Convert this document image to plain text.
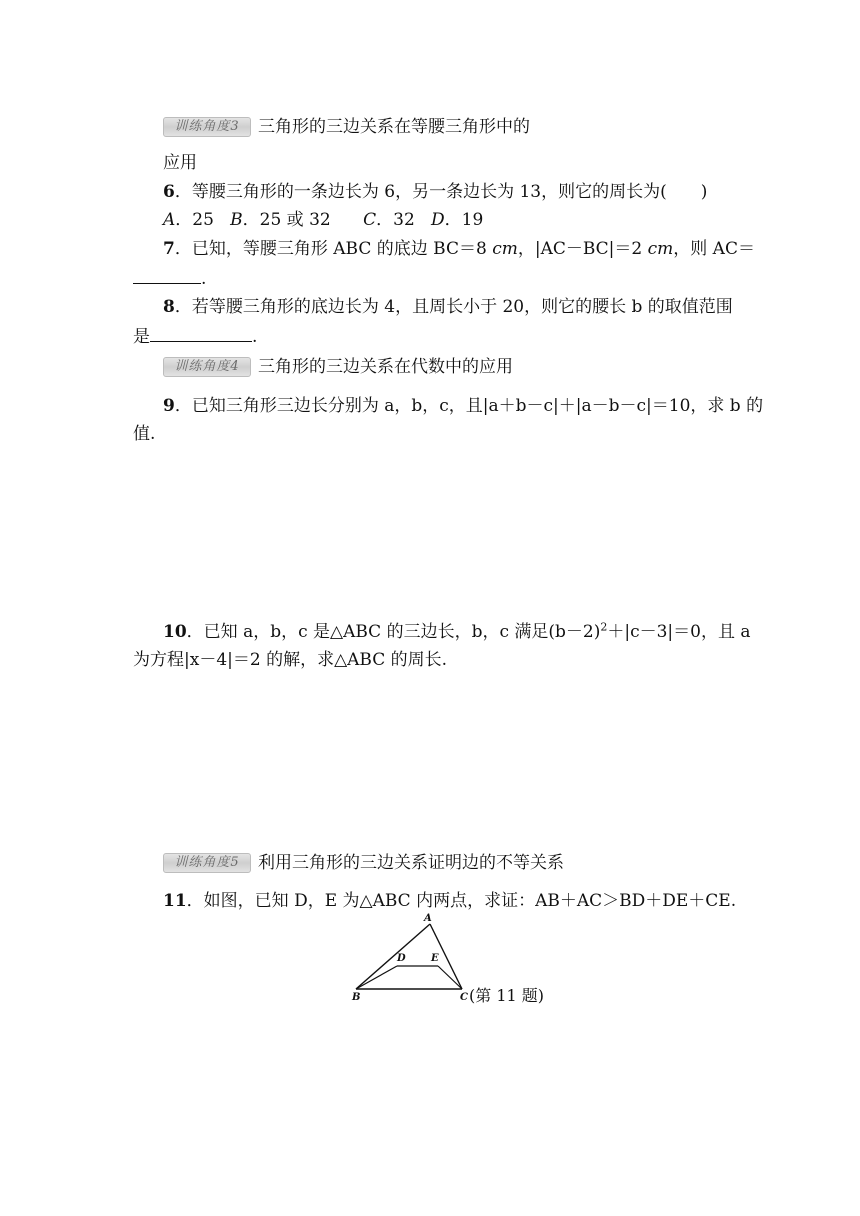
训练角度3	三角形的三边关系在等腰三角形中的
应用
6．等腰三角形的一条边长为 6，另一条边长为 13，则它的周长为(　　)
A．25 B．25 或 32 C．32 D．19
7．已知，等腰三角形 ABC 的底边 BC＝8 cm，|AC－BC|＝2 cm，则 AC＝
.
8．若等腰三角形的底边长为 4，且周长小于 20，则它的腰长 b 的取值范围
是	.
训练角度4	三角形的三边关系在代数中的应用
9．已知三角形三边长分别为 a，b，c，且|a＋b－c|＋|a－b－c|＝10，求 b 的
值.
10．已知 a，b，c 是△ABC 的三边长，b，c 满足$(b-2)^2+|c-3|=0$，且 a
为方程|x－4|＝2 的解，求△ABC 的周长.
训练角度5	利用三角形的三边关系证明边的不等关系
11．如图，已知 D，E 为△ABC 内两点，求证：AB＋AC＞BD＋DE＋CE.
A
B	C
D	E
(第 11 题)
